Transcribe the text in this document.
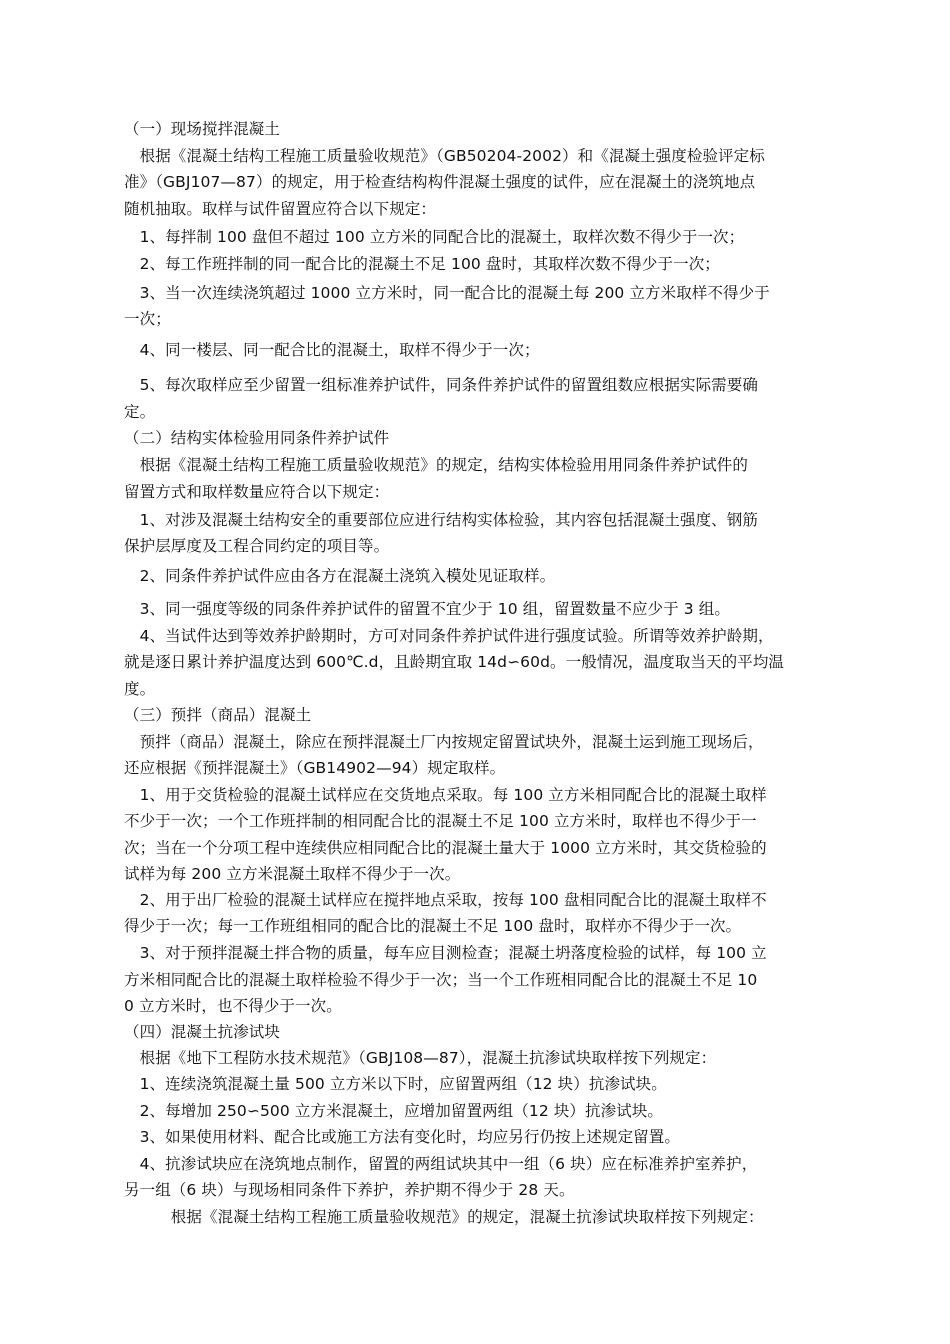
（一）现场搅拌混凝土
　根据《混凝土结构工程施工质量验收规范》（GB50204-2002）和《混凝土强度检验评定标
准》（GBJ107—87）的规定，用于检查结构构件混凝土强度的试件，应在混凝土的浇筑地点
随机抽取。取样与试件留置应符合以下规定：
　1、每拌制 100 盘但不超过 100 立方米的同配合比的混凝土，取样次数不得少于一次；
　2、每工作班拌制的同一配合比的混凝土不足 100 盘时，其取样次数不得少于一次；
　3、当一次连续浇筑超过 1000 立方米时，同一配合比的混凝土每 200 立方米取样不得少于
一次；
　4、同一楼层、同一配合比的混凝土，取样不得少于一次；
　5、每次取样应至少留置一组标准养护试件，同条件养护试件的留置组数应根据实际需要确
定。
（二）结构实体检验用同条件养护试件
　根据《混凝土结构工程施工质量验收规范》的规定，结构实体检验用用同条件养护试件的
留置方式和取样数量应符合以下规定：
　1、对涉及混凝土结构安全的重要部位应进行结构实体检验，其内容包括混凝土强度、钢筋
保护层厚度及工程合同约定的项目等。
　2、同条件养护试件应由各方在混凝土浇筑入模处见证取样。
　3、同一强度等级的同条件养护试件的留置不宜少于 10 组，留置数量不应少于 3 组。
　4、当试件达到等效养护龄期时，方可对同条件养护试件进行强度试验。所谓等效养护龄期，
就是逐日累计养护温度达到 600℃.d，且龄期宜取 14d∽60d。一般情况，温度取当天的平均温
度。
（三）预拌（商品）混凝土
　预拌（商品）混凝土，除应在预拌混凝土厂内按规定留置试块外，混凝土运到施工现场后，
还应根据《预拌混凝土》（GB14902—94）规定取样。
　1、用于交货检验的混凝土试样应在交货地点采取。每 100 立方米相同配合比的混凝土取样
不少于一次；一个工作班拌制的相同配合比的混凝土不足 100 立方米时，取样也不得少于一
次；当在一个分项工程中连续供应相同配合比的混凝土量大于 1000 立方米时，其交货检验的
试样为每 200 立方米混凝土取样不得少于一次。
　2、用于出厂检验的混凝土试样应在搅拌地点采取，按每 100 盘相同配合比的混凝土取样不
得少于一次；每一工作班组相同的配合比的混凝土不足 100 盘时，取样亦不得少于一次。
　3、对于预拌混凝土拌合物的质量，每车应目测检查；混凝土坍落度检验的试样，每 100 立
方米相同配合比的混凝土取样检验不得少于一次；当一个工作班相同配合比的混凝土不足 10
0 立方米时，也不得少于一次。
（四）混凝土抗渗试块
　根据《地下工程防水技术规范》（GBJ108—87），混凝土抗渗试块取样按下列规定：
　1、连续浇筑混凝土量 500 立方米以下时，应留置两组（12 块）抗渗试块。
　2、每增加 250∽500 立方米混凝土，应增加留置两组（12 块）抗渗试块。
　3、如果使用材料、配合比或施工方法有变化时，均应另行仍按上述规定留置。
　4、抗渗试块应在浇筑地点制作，留置的两组试块其中一组（6 块）应在标准养护室养护，
另一组（6 块）与现场相同条件下养护，养护期不得少于 28 天。
　　　根据《混凝土结构工程施工质量验收规范》的规定，混凝土抗渗试块取样按下列规定：
